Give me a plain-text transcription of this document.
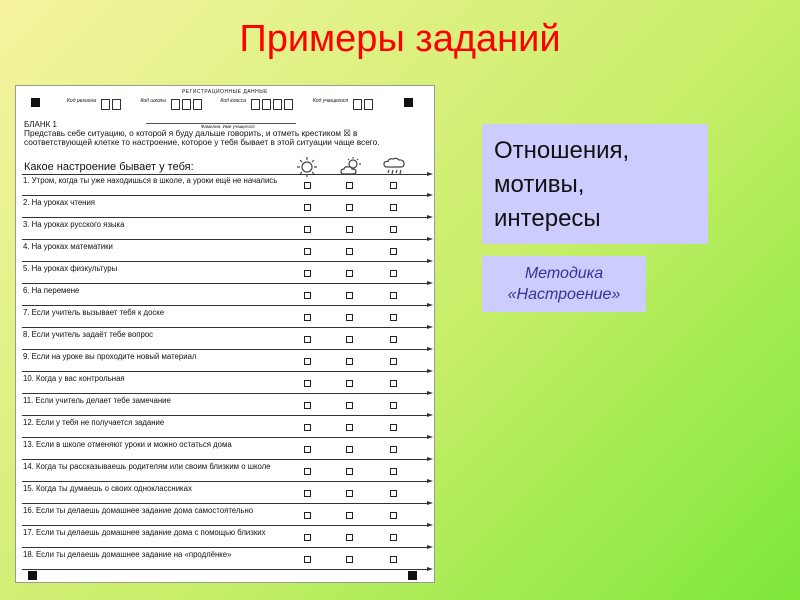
Примеры заданий
РЕГИСТРАЦИОННЫЕ ДАННЫЕ
Код региона	Код школы	Код класса	Код учащегося
БЛАНК 1	Фамилия, Имя учащегося
Представь себе ситуацию, о которой я буду дальше говорить, и отметь крестиком ☒ в соответствующей клетке то настроение, которое у тебя бывает в этой ситуации чаще всего.
Какое настроение бывает у тебя:
1. Утром, когда ты уже находишься в школе, а уроки ещё не начались
2. На уроках чтения
3. На уроках русского языка
4. На уроках математики
5. На уроках физкультуры
6. На перемене
7. Если учитель вызывает тебя к доске
8. Если учитель задаёт тебе вопрос
9. Если на уроке вы проходите новый материал
10. Когда у вас контрольная
11. Если учитель делает тебе замечание
12. Если у тебя не получается задание
13. Если в школе отменяют уроки и можно остаться дома
14. Когда ты рассказываешь родителям или своим близким о школе
15. Когда ты думаешь о своих одноклассниках
16. Если ты делаешь домашнее задание дома самостоятельно
17. Если ты делаешь домашнее задание дома с помощью близких
18. Если ты делаешь домашнее задание на «продлёнке»
Отношения,
мотивы,
интересы
Методика
«Настроение»
